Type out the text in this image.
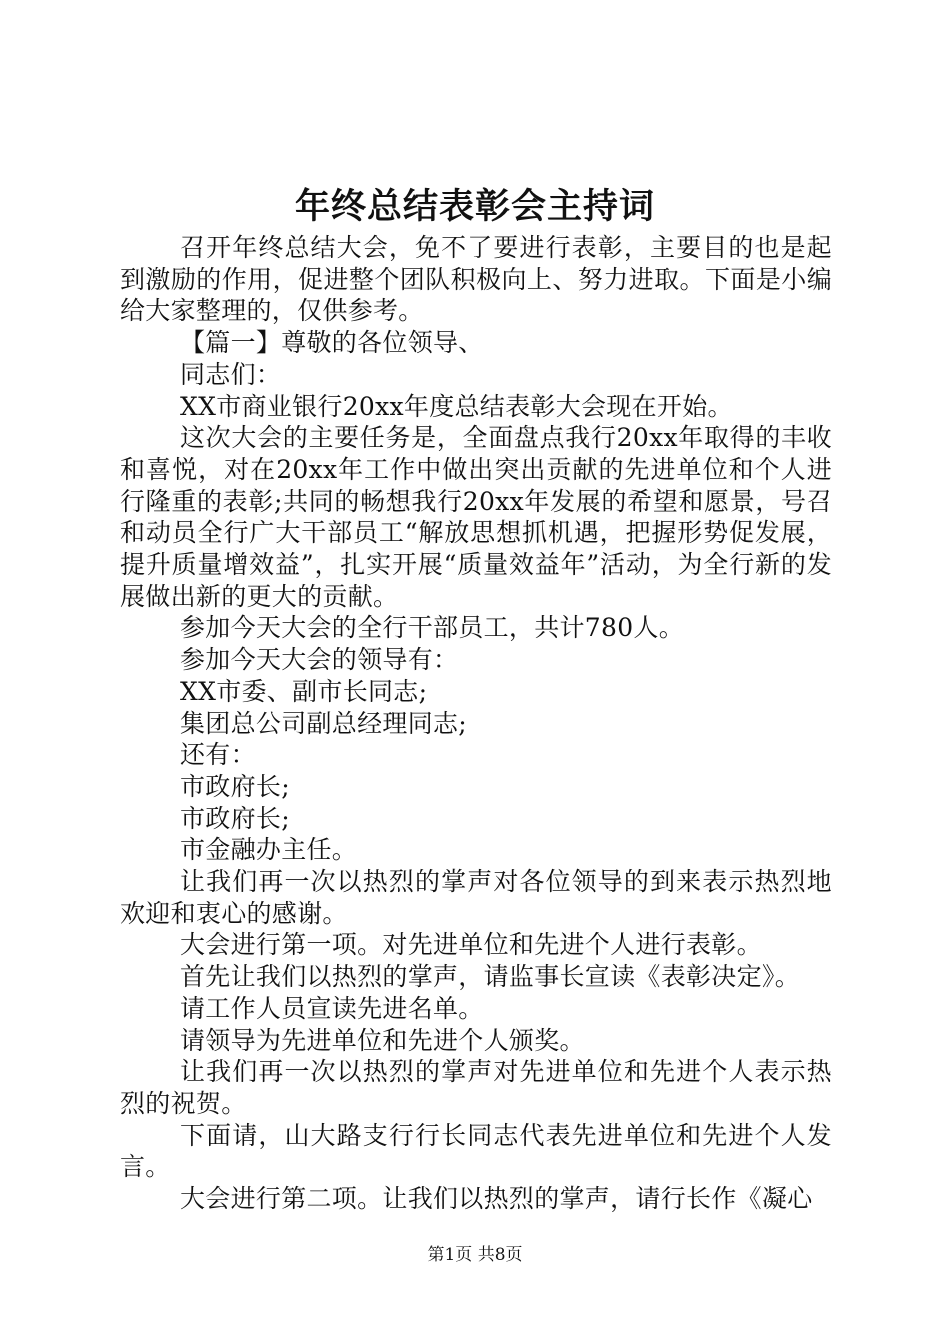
年终总结表彰会主持词

召开年终总结大会，免不了要进行表彰，主要目的也是起到激励的作用，促进整个团队积极向上、努力进取。下面是小编给大家整理的，仅供参考。

【篇一】尊敬的各位领导、

同志们：

XX市商业银行20xx年度总结表彰大会现在开始。

这次大会的主要任务是，全面盘点我行20xx年取得的丰收和喜悦，对在20xx年工作中做出突出贡献的先进单位和个人进行隆重的表彰;共同的畅想我行20xx年发展的希望和愿景，号召和动员全行广大干部员工“解放思想抓机遇，把握形势促发展，提升质量增效益”，扎实开展“质量效益年”活动，为全行新的发展做出新的更大的贡献。

参加今天大会的全行干部员工，共计780人。

参加今天大会的领导有：

XX市委、副市长同志;

集团总公司副总经理同志;

还有：

市政府长;

市政府长;

市金融办主任。

让我们再一次以热烈的掌声对各位领导的到来表示热烈地欢迎和衷心的感谢。

大会进行第一项。对先进单位和先进个人进行表彰。

首先让我们以热烈的掌声，请监事长宣读《表彰决定》。

请工作人员宣读先进名单。

请领导为先进单位和先进个人颁奖。

让我们再一次以热烈的掌声对先进单位和先进个人表示热烈的祝贺。

下面请，山大路支行行长同志代表先进单位和先进个人发言。

大会进行第二项。让我们以热烈的掌声，请行长作《凝心

第1页 共8页
